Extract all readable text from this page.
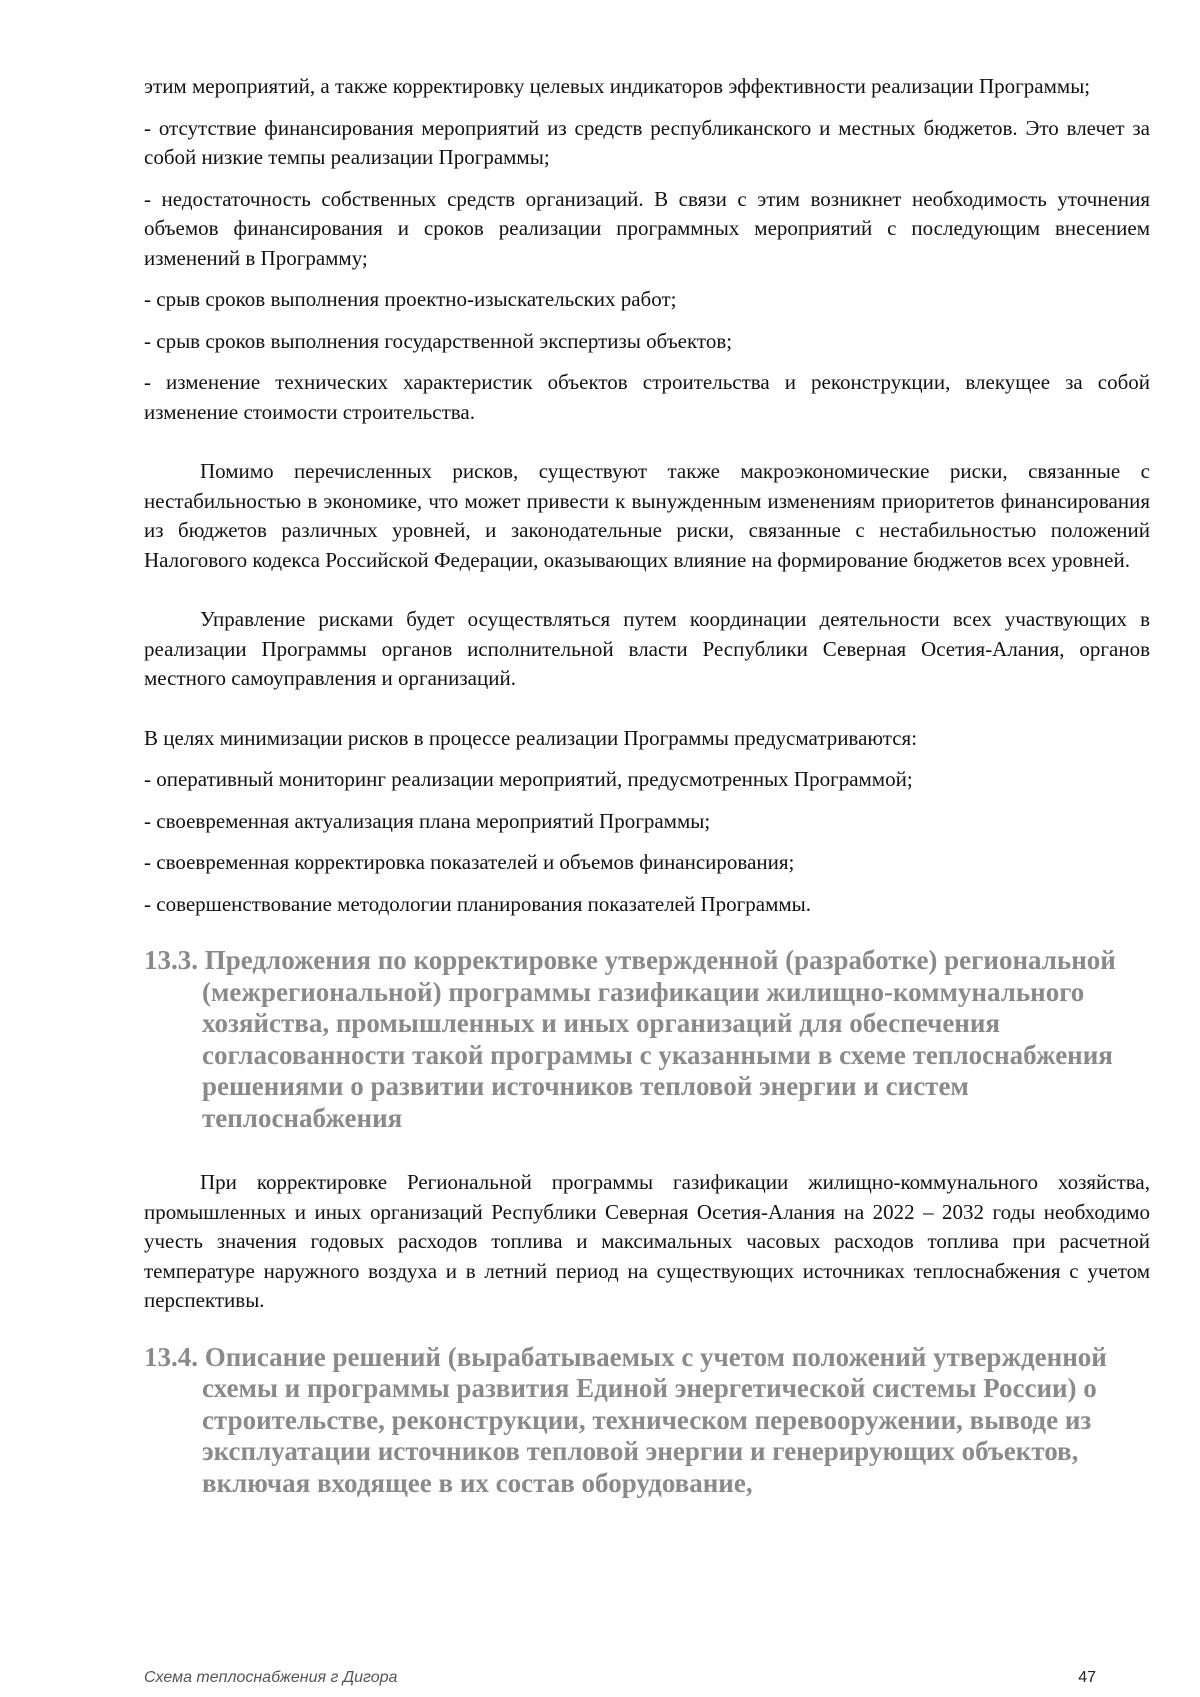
этим мероприятий, а также корректировку целевых индикаторов эффективности реализации Программы;

- отсутствие финансирования мероприятий из средств республиканского и местных бюджетов. Это влечет за собой низкие темпы реализации Программы;

- недостаточность собственных средств организаций. В связи с этим возникнет необходимость уточнения объемов финансирования и сроков реализации программных мероприятий с последующим внесением изменений в Программу;

- срыв сроков выполнения проектно-изыскательских работ;

- срыв сроков выполнения государственной экспертизы объектов;

- изменение технических характеристик объектов строительства и реконструкции, влекущее за собой изменение стоимости строительства.

Помимо перечисленных рисков, существуют также макроэкономические риски, связанные с нестабильностью в экономике, что может привести к вынужденным изменениям приоритетов финансирования из бюджетов различных уровней, и законодательные риски, связанные с нестабильностью положений Налогового кодекса Российской Федерации, оказывающих влияние на формирование бюджетов всех уровней.

Управление рисками будет осуществляться путем координации деятельности всех участвующих в реализации Программы органов исполнительной власти Республики Северная Осетия-Алания, органов местного самоуправления и организаций.

В целях минимизации рисков в процессе реализации Программы предусматриваются:

- оперативный мониторинг реализации мероприятий, предусмотренных Программой;

- своевременная актуализация плана мероприятий Программы;

- своевременная корректировка показателей и объемов финансирования;

- совершенствование методологии планирования показателей Программы.

13.3. Предложения по корректировке утвержденной (разработке) региональной (межрегиональной) программы газификации жилищно-коммунального хозяйства, промышленных и иных организаций для обеспечения согласованности такой программы с указанными в схеме теплоснабжения решениями о развитии источников тепловой энергии и систем теплоснабжения

При корректировке Региональной программы газификации жилищно-коммунального хозяйства, промышленных и иных организаций Республики Северная Осетия-Алания на 2022 – 2032 годы необходимо учесть значения годовых расходов топлива и максимальных часовых расходов топлива при расчетной температуре наружного воздуха и в летний период на существующих источниках теплоснабжения с учетом перспективы.

13.4. Описание решений (вырабатываемых с учетом положений утвержденной схемы и программы развития Единой энергетической системы России) о строительстве, реконструкции, техническом перевооружении, выводе из эксплуатации источников тепловой энергии и генерирующих объектов, включая входящее в их состав оборудование,
Схема теплоснабжения г Дигора	47
